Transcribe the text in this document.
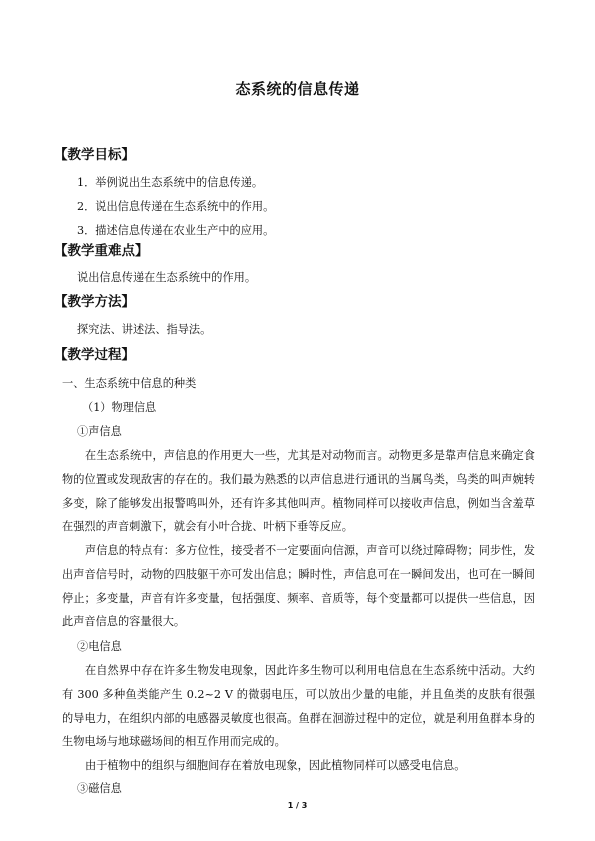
态系统的信息传递
【教学目标】
1．举例说出生态系统中的信息传递。
2．说出信息传递在生态系统中的作用。
3．描述信息传递在农业生产中的应用。
【教学重难点】
说出信息传递在生态系统中的作用。
【教学方法】
探究法、讲述法、指导法。
【教学过程】
一、生态系统中信息的种类
（1）物理信息
①声信息

在生态系统中，声信息的作用更大一些，尤其是对动物而言。动物更多是靠声信息来确定食物的位置或发现敌害的存在的。我们最为熟悉的以声信息进行通讯的当属鸟类，鸟类的叫声婉转多变，除了能够发出报警鸣叫外，还有许多其他叫声。植物同样可以接收声信息，例如当含羞草在强烈的声音刺激下，就会有小叶合拢、叶柄下垂等反应。

声信息的特点有：多方位性，接受者不一定要面向信源，声音可以绕过障碍物；同步性，发出声音信号时，动物的四肢躯干亦可发出信息；瞬时性，声信息可在一瞬间发出，也可在一瞬间停止；多变量，声音有许多变量，包括强度、频率、音质等，每个变量都可以提供一些信息，因此声音信息的容量很大。

②电信息

在自然界中存在许多生物发电现象，因此许多生物可以利用电信息在生态系统中活动。大约有 300 多种鱼类能产生 0.2~2 V 的微弱电压，可以放出少量的电能，并且鱼类的皮肤有很强的导电力，在组织内部的电感器灵敏度也很高。鱼群在洄游过程中的定位，就是利用鱼群本身的生物电场与地球磁场间的相互作用而完成的。

由于植物中的组织与细胞间存在着放电现象，因此植物同样可以感受电信息。

③磁信息
1 / 3
